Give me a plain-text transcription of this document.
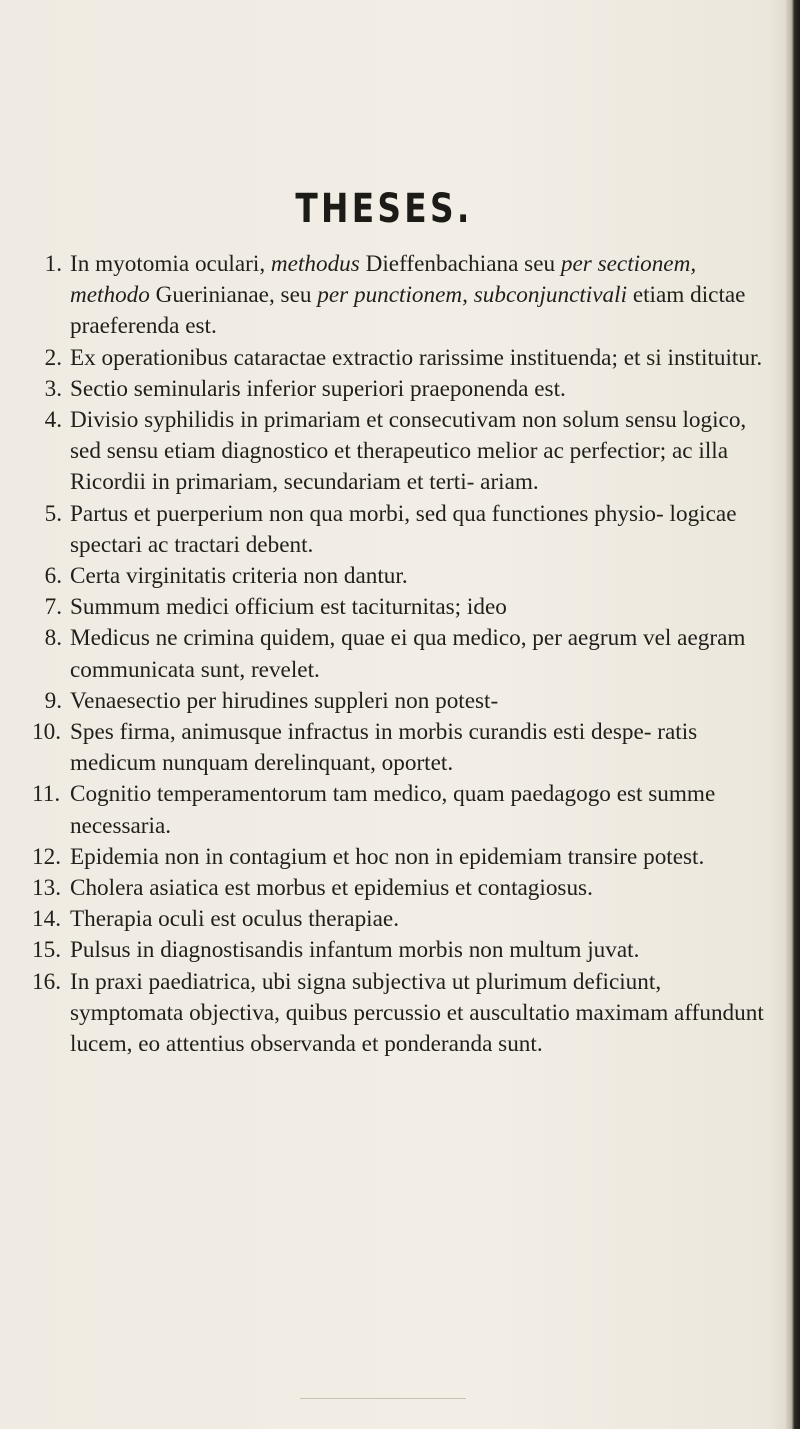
THESES.
1. In myotomia oculari, methodus Dieffenbachiana seu per sectionem, methodo Guerinianae, seu per punctionem, subconjunctivali etiam dictae praeferenda est.
2. Ex operationibus cataractae extractio rarissime instituenda; et si instituitur.
3. Sectio seminularis inferior superiori praeponenda est.
4. Divisio syphilidis in primariam et consecutivam non solum sensu logico, sed sensu etiam diagnostico et therapeutico melior ac perfectior; ac illa Ricordii in primariam, secundariam et terti- ariam.
5. Partus et puerperium non qua morbi, sed qua functiones physio- logicae spectari ac tractari debent.
6. Certa virginitatis criteria non dantur.
7. Summum medici officium est taciturnitas; ideo
8. Medicus ne crimina quidem, quae ei qua medico, per aegrum vel aegram communicata sunt, revelet.
9. Venaesectio per hirudines suppleri non potest-
10. Spes firma, animusque infractus in morbis curandis esti despe- ratis medicum nunquam derelinquant, oportet.
11. Cognitio temperamentorum tam medico, quam paedagogo est summe necessaria.
12. Epidemia non in contagium et hoc non in epidemiam transire potest.
13. Cholera asiatica est morbus et epidemius et contagiosus.
14. Therapia oculi est oculus therapiae.
15. Pulsus in diagnostisandis infantum morbis non multum juvat.
16. In praxi paediatrica, ubi signa subjectiva ut plurimum deficiunt, symptomata objectiva, quibus percussio et auscultatio maximam affundunt lucem, eo attentius observanda et ponderanda sunt.
